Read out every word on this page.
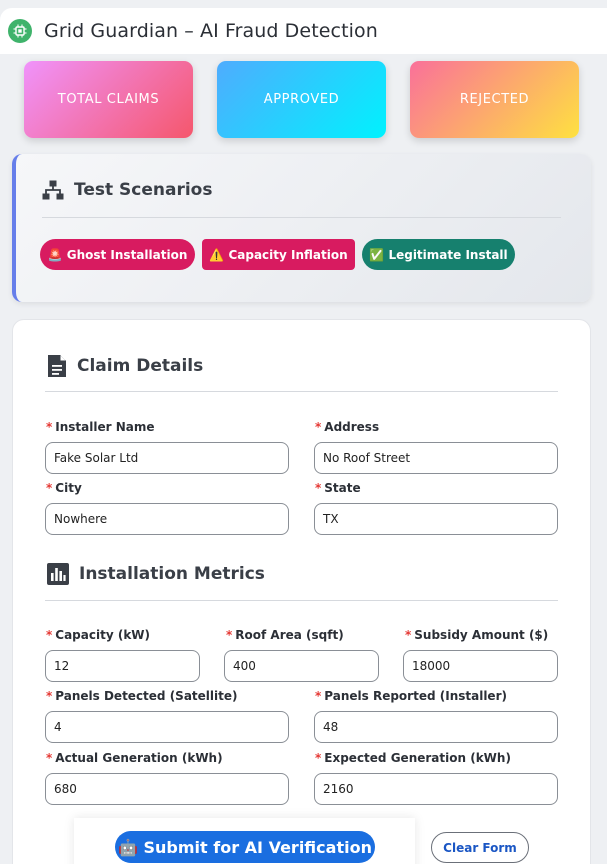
Grid Guardian – AI Fraud Detection
TOTAL CLAIMS	APPROVED	REJECTED
Test Scenarios
🚨 Ghost Installation	⚠️ Capacity Inflation	✅ Legitimate Install
Claim Details
* Installer Name
Fake Solar Ltd
* Address
No Roof Street
* City
Nowhere
* State
TX
Installation Metrics
* Capacity (kW)
12
* Roof Area (sqft)
400
* Subsidy Amount ($)
18000
* Panels Detected (Satellite)
4
* Panels Reported (Installer)
48
* Actual Generation (kWh)
680
* Expected Generation (kWh)
2160
🤖 Submit for AI Verification	Clear Form
